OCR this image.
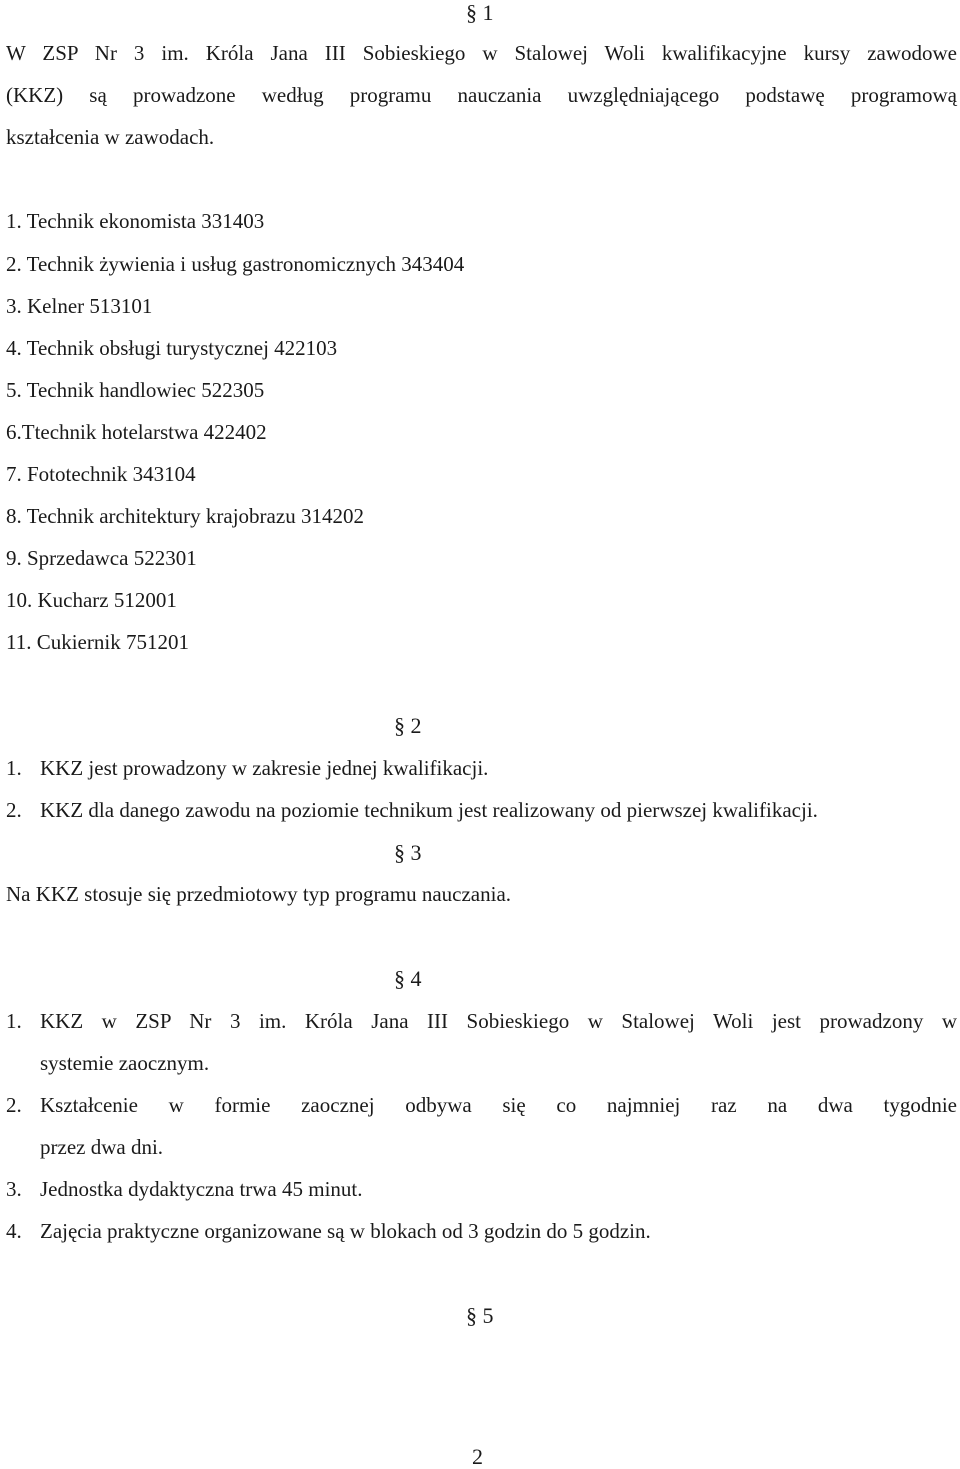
§ 1
W ZSP Nr 3 im. Króla Jana III Sobieskiego w Stalowej Woli kwalifikacyjne kursy zawodowe
(KKZ) są prowadzone według programu nauczania uwzględniającego podstawę programową
kształcenia w zawodach.
1. Technik ekonomista 331403
2. Technik żywienia i usług gastronomicznych 343404
3. Kelner 513101
4. Technik obsługi turystycznej 422103
5. Technik handlowiec 522305
6.Ttechnik hotelarstwa 422402
7. Fototechnik 343104
8. Technik architektury krajobrazu 314202
9. Sprzedawca 522301
10. Kucharz 512001
11. Cukiernik 751201
§ 2
1. KKZ jest prowadzony w zakresie jednej kwalifikacji.
2. KKZ dla danego zawodu na poziomie technikum jest realizowany od pierwszej kwalifikacji.
§ 3
Na KKZ stosuje się przedmiotowy typ programu nauczania.
§ 4
1. KKZ w ZSP Nr 3 im. Króla Jana III Sobieskiego w Stalowej Woli jest prowadzony w
systemie zaocznym.
2. Kształcenie w formie zaocznej odbywa się co najmniej raz na dwa tygodnie
przez dwa dni.
3. Jednostka dydaktyczna trwa 45 minut.
4. Zajęcia praktyczne organizowane są w blokach od 3 godzin do 5 godzin.
§ 5
2
